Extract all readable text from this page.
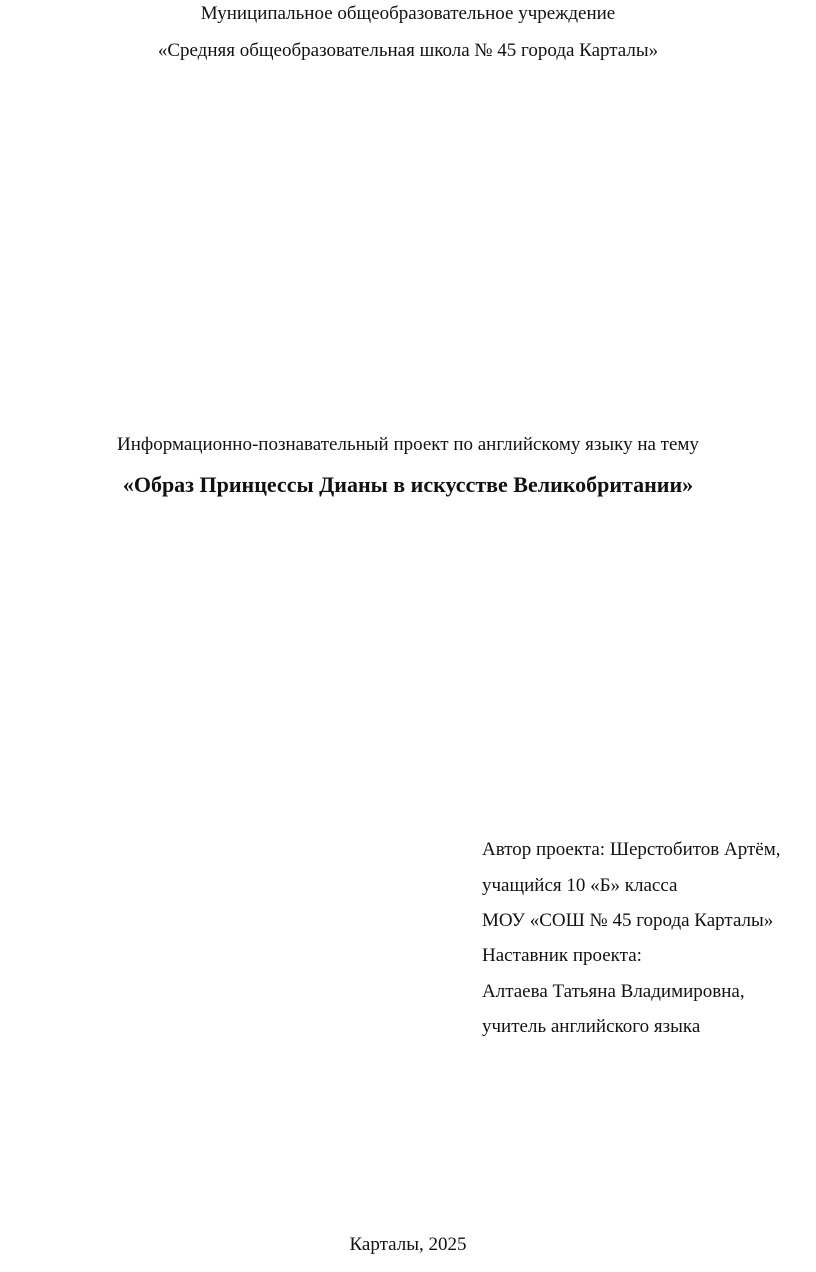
Муниципальное общеобразовательное учреждение
«Средняя общеобразовательная школа № 45 города Карталы»
Информационно-познавательный проект по английскому языку на тему
«Образ Принцессы Дианы в искусстве Великобритании»
Автор проекта: Шерстобитов Артём,
учащийся 10 «Б» класса
МОУ «СОШ № 45 города Карталы»
Наставник проекта:
Алтаева Татьяна Владимировна,
учитель английского языка
Карталы, 2025
